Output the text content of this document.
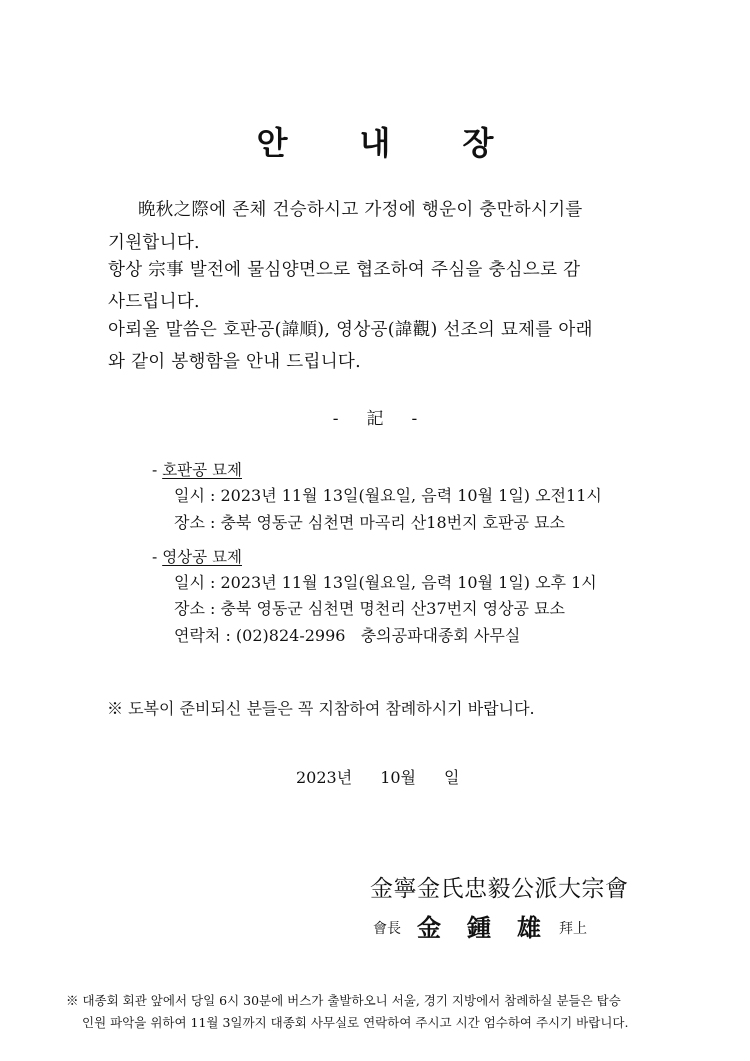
안 내 장
晩秋之際에 존체 건승하시고 가정에 행운이 충만하시기를
기원합니다.
항상 宗事 발전에 물심양면으로 협조하여 주심을 충심으로 감
사드립니다.
아뢰올 말씀은 호판공(諱順), 영상공(諱觀) 선조의 묘제를 아래
와 같이 봉행함을 안내 드립니다.
- 記 -
- 호판공 묘제
일시 : 2023년 11월 13일(월요일, 음력 10월 1일) 오전11시
장소 : 충북 영동군 심천면 마곡리 산18번지 호판공 묘소
- 영상공 묘제
일시 : 2023년 11월 13일(월요일, 음력 10월 1일) 오후 1시
장소 : 충북 영동군 심천면 명천리 산37번지 영상공 묘소
연락처 : (02)824-2996   충의공파대종회 사무실
※ 도복이 준비되신 분들은 꼭 지참하여 참례하시기 바랍니다.
2023년 10월 일
金寧金氏忠毅公派大宗會
會長 金 鍾 雄 拜上
※ 대종회 회관 앞에서 당일 6시 30분에 버스가 출발하오니 서울, 경기 지방에서 참례하실 분들은 탑승
인원 파악을 위하여 11월 3일까지 대종회 사무실로 연락하여 주시고 시간 엄수하여 주시기 바랍니다.
